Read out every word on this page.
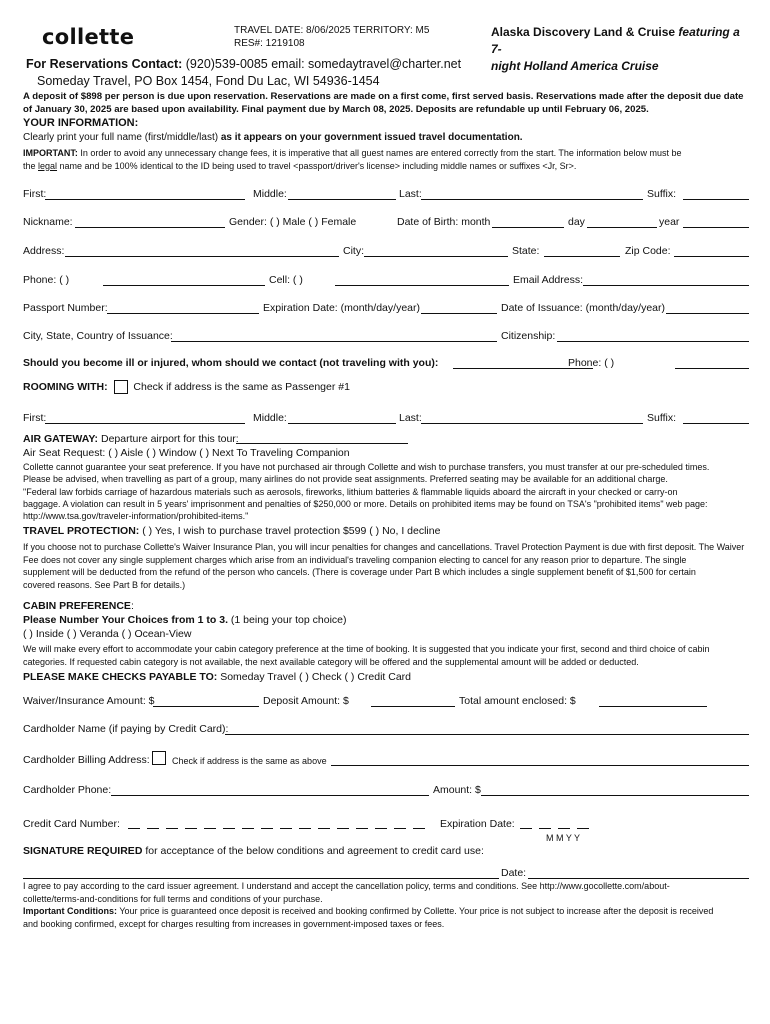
collette	TRAVEL DATE: 8/06/2025 TERRITORY: M5
RES#: 1219108
Alaska Discovery Land & Cruise featuring a 7-
night Holland America Cruise
For Reservations Contact: (920)539-0085 email: somedaytravel@charter.net
Someday Travel, PO Box 1454, Fond Du Lac, WI 54936-1454
A deposit of $898 per person is due upon reservation. Reservations are made on a first come, first served basis. Reservations made after the deposit due date of January 30, 2025 are based upon availability. Final payment due by March 08, 2025. Deposits are refundable up until February 06, 2025.
YOUR INFORMATION:
Clearly print your full name (first/middle/last) as it appears on your government issued travel documentation.
IMPORTANT: In order to avoid any unnecessary change fees, it is imperative that all guest names are entered correctly from the start. The information below must be
the legal name and be 100% identical to the ID being used to travel <passport/driver's license> including middle names or suffixes <Jr, Sr>.
First:	Middle:	Last:	Suffix:
Nickname:	Gender: ( ) Male ( ) Female	Date of Birth: month	day	year
Address:	City:	State:	Zip Code:
Phone: ( )	Cell: ( )	Email Address:
Passport Number:	Expiration Date: (month/day/year)	Date of Issuance: (month/day/year)
City, State, Country of Issuance:	Citizenship:
Should you become ill or injured, whom should we contact (not traveling with you):	Phone: ( )
ROOMING WITH: Check if address is the same as Passenger #1
First:	Middle:	Last:	Suffix:
AIR GATEWAY: Departure airport for this tour:
Air Seat Request: ( ) Aisle ( ) Window ( ) Next To Traveling Companion
Collette cannot guarantee your seat preference. If you have not purchased air through Collette and wish to purchase transfers, you must transfer at our pre-scheduled times.
Please be advised, when travelling as part of a group, many airlines do not provide seat assignments. Preferred seating may be available for an additional charge.
"Federal law forbids carriage of hazardous materials such as aerosols, fireworks, lithium batteries & flammable liquids aboard the aircraft in your checked or carry-on
baggage. A violation can result in 5 years' imprisonment and penalties of $250,000 or more. Details on prohibited items may be found on TSA's "prohibited items" web page:
http://www.tsa.gov/traveler-information/prohibited-items."
TRAVEL PROTECTION: ( ) Yes, I wish to purchase travel protection $599 ( ) No, I decline
If you choose not to purchase Collette's Waiver Insurance Plan, you will incur penalties for changes and cancellations. Travel Protection Payment is due with first deposit. The Waiver
Fee does not cover any single supplement charges which arise from an individual's traveling companion electing to cancel for any reason prior to departure. The single
supplement will be deducted from the refund of the person who cancels. (There is coverage under Part B which includes a single supplement benefit of $1,500 for certain
covered reasons. See Part B for details.)
CABIN PREFERENCE:
Please Number Your Choices from 1 to 3. (1 being your top choice)
( ) Inside ( ) Veranda ( ) Ocean-View
We will make every effort to accommodate your cabin category preference at the time of booking. It is suggested that you indicate your first, second and third choice of cabin
categories. If requested cabin category is not available, the next available category will be offered and the supplemental amount will be added or deducted.
PLEASE MAKE CHECKS PAYABLE TO: Someday Travel ( ) Check ( ) Credit Card
Waiver/Insurance Amount: $	Deposit Amount: $	Total amount enclosed: $
Cardholder Name (if paying by Credit Card):
Cardholder Billing Address: Check if address is the same as above
Cardholder Phone:	Amount: $
Credit Card Number:	Expiration Date:
M M Y Y
SIGNATURE REQUIRED for acceptance of the below conditions and agreement to credit card use:
Date:
I agree to pay according to the card issuer agreement. I understand and accept the cancellation policy, terms and conditions. See http://www.gocollette.com/about-
collette/terms-and-conditions for full terms and conditions of your purchase.
Important Conditions: Your price is guaranteed once deposit is received and booking confirmed by Collette. Your price is not subject to increase after the deposit is received
and booking confirmed, except for charges resulting from increases in government-imposed taxes or fees.
